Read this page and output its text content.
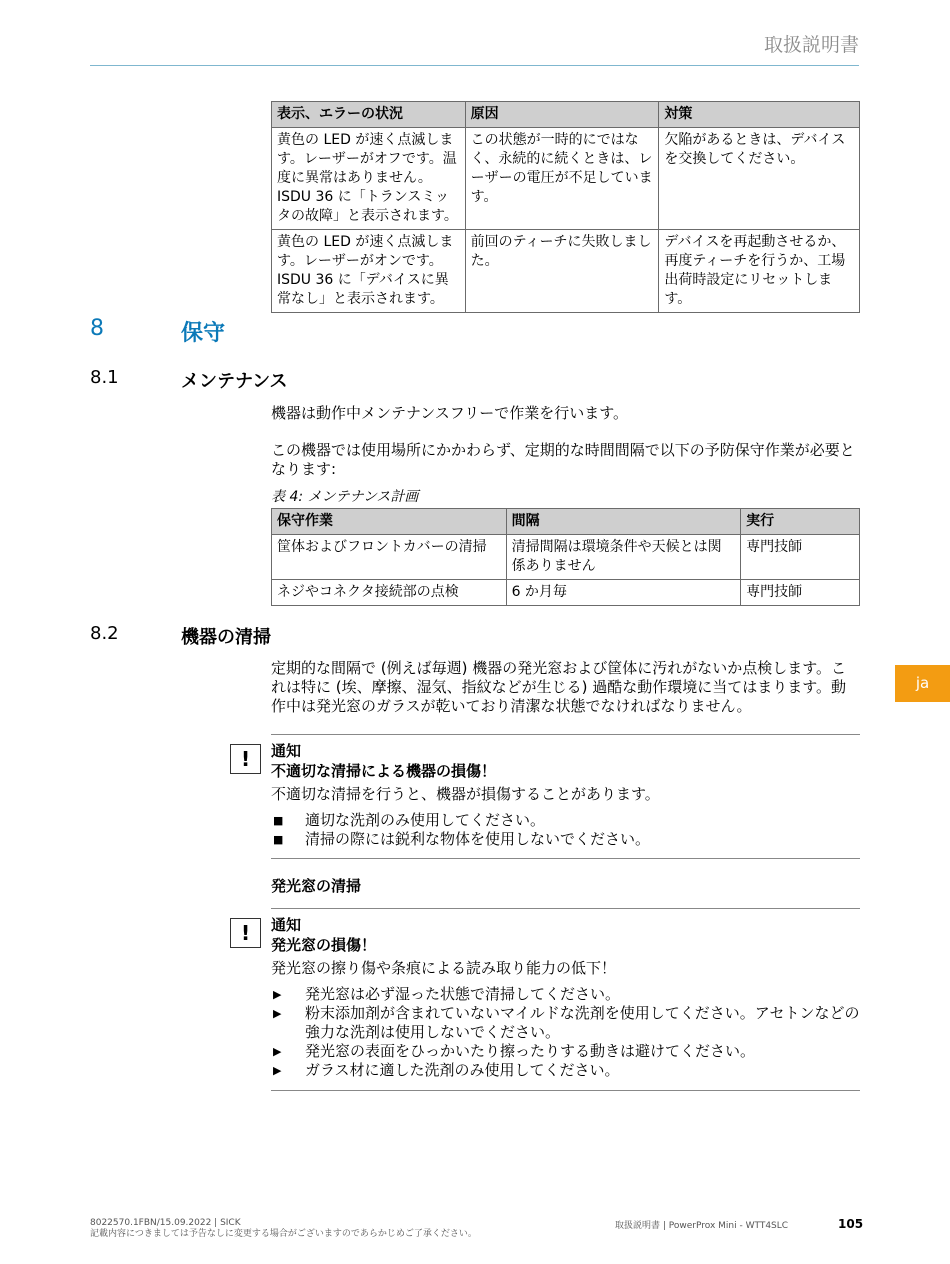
取扱説明書
表示、エラーの状況	原因	対策
黄色の LED が速く点滅します。レーザーがオフです。温度に異常はありません。ISDU 36 に「トランスミッタの故障」と表示されます。	この状態が一時的にではなく、永続的に続くときは、レーザーの電圧が不足しています。	欠陥があるときは、デバイスを交換してください。
黄色の LED が速く点滅します。レーザーがオンです。ISDU 36 に「デバイスに異常なし」と表示されます。	前回のティーチに失敗しました。	デバイスを再起動させるか、再度ティーチを行うか、工場出荷時設定にリセットします。
8	保守
8.1	メンテナンス

機器は動作中メンテナンスフリーで作業を行います。

この機器では使用場所にかかわらず、定期的な時間間隔で以下の予防保守作業が必要となります:

表 4: メンテナンス計画
保守作業	間隔	実行
筐体およびフロントカバーの清掃	清掃間隔は環境条件や天候とは関係ありません	専門技師
ネジやコネクタ接続部の点検	6 か月毎	専門技師
8.2	機器の清掃

定期的な間隔で (例えば毎週) 機器の発光窓および筐体に汚れがないか点検します。これは特に (埃、摩擦、湿気、指紋などが生じる) 過酷な動作環境に当てはまります。動作中は発光窓のガラスが乾いており清潔な状態でなければなりません。

!	通知
不適切な清掃による機器の損傷！
不適切な清掃を行うと、機器が損傷することがあります。
■ 適切な洗剤のみ使用してください。
■ 清掃の際には鋭利な物体を使用しないでください。
発光窓の清掃
!	通知
発光窓の損傷！
発光窓の擦り傷や条痕による読み取り能力の低下！
▶ 発光窓は必ず湿った状態で清掃してください。
▶ 粉末添加剤が含まれていないマイルドな洗剤を使用してください。アセトンなどの強力な洗剤は使用しないでください。
▶ 発光窓の表面をひっかいたり擦ったりする動きは避けてください。
▶ ガラス材に適した洗剤のみ使用してください。
ja
8022570.1FBN/15.09.2022 | SICK
記載内容につきましては予告なしに変更する場合がございますのであらかじめご了承ください。
取扱説明書 | PowerProx Mini - WTT4SLC	105
